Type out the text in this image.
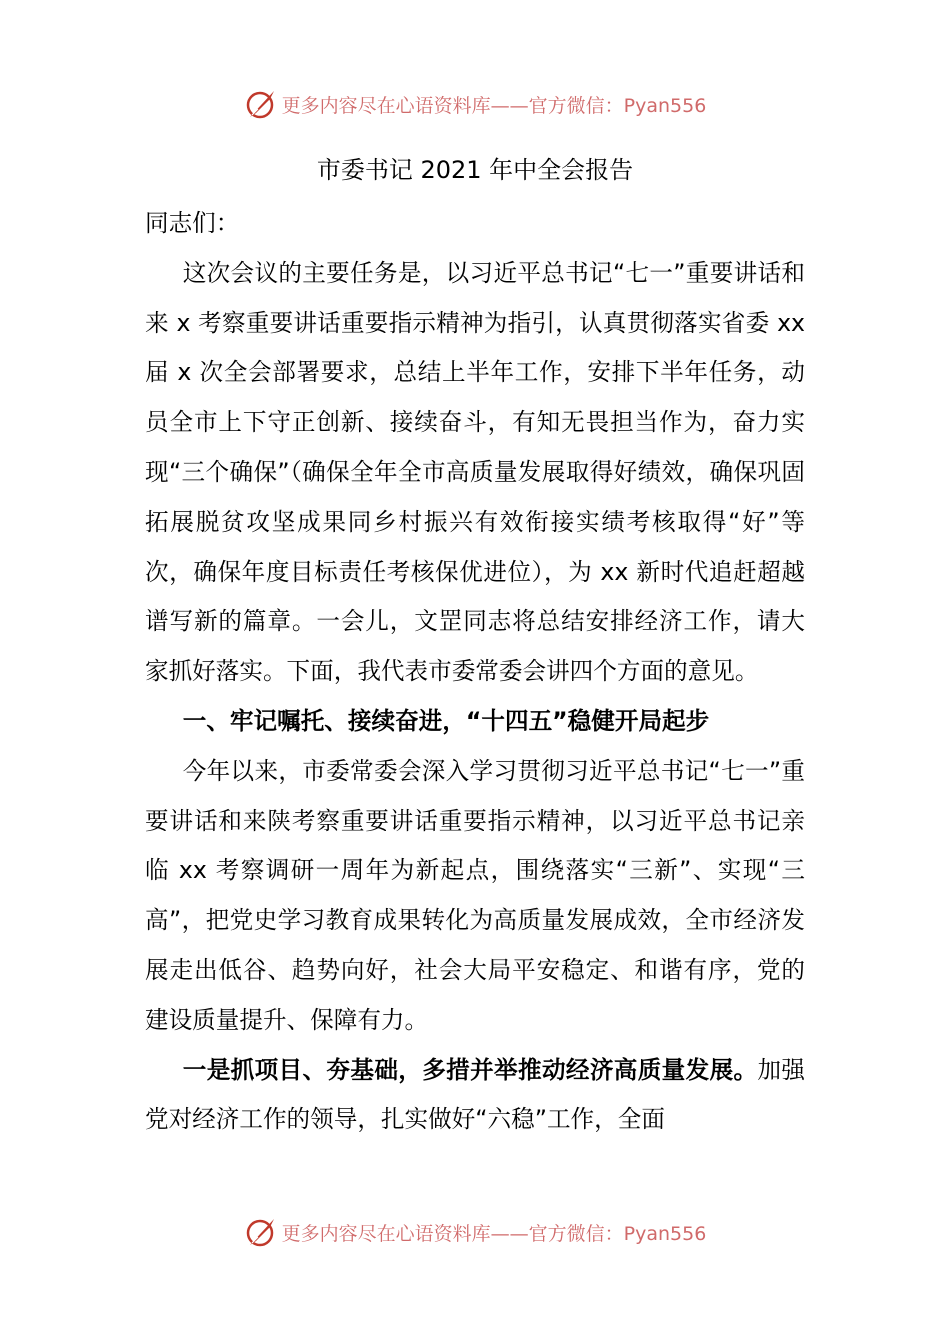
更多内容尽在心语资料库——官方微信：Pyan556
市委书记 2021 年中全会报告

同志们：

这次会议的主要任务是，以习近平总书记“七一”重要讲话和来 x 考察重要讲话重要指示精神为指引，认真贯彻落实省委 xx 届 x 次全会部署要求，总结上半年工作，安排下半年任务，动员全市上下守正创新、接续奋斗，有知无畏担当作为，奋力实现“三个确保”（确保全年全市高质量发展取得好绩效，确保巩固拓展脱贫攻坚成果同乡村振兴有效衔接实绩考核取得“好”等次，确保年度目标责任考核保优进位），为 xx 新时代追赶超越谱写新的篇章。一会儿，文罡同志将总结安排经济工作，请大家抓好落实。下面，我代表市委常委会讲四个方面的意见。

一、牢记嘱托、接续奋进，“十四五”稳健开局起步

今年以来，市委常委会深入学习贯彻习近平总书记“七一”重要讲话和来陕考察重要讲话重要指示精神，以习近平总书记亲临 xx 考察调研一周年为新起点，围绕落实“三新”、实现“三高”，把党史学习教育成果转化为高质量发展成效，全市经济发展走出低谷、趋势向好，社会大局平安稳定、和谐有序，党的建设质量提升、保障有力。

一是抓项目、夯基础，多措并举推动经济高质量发展。加强党对经济工作的领导，扎实做好“六稳”工作，全面

更多内容尽在心语资料库——官方微信：Pyan556
